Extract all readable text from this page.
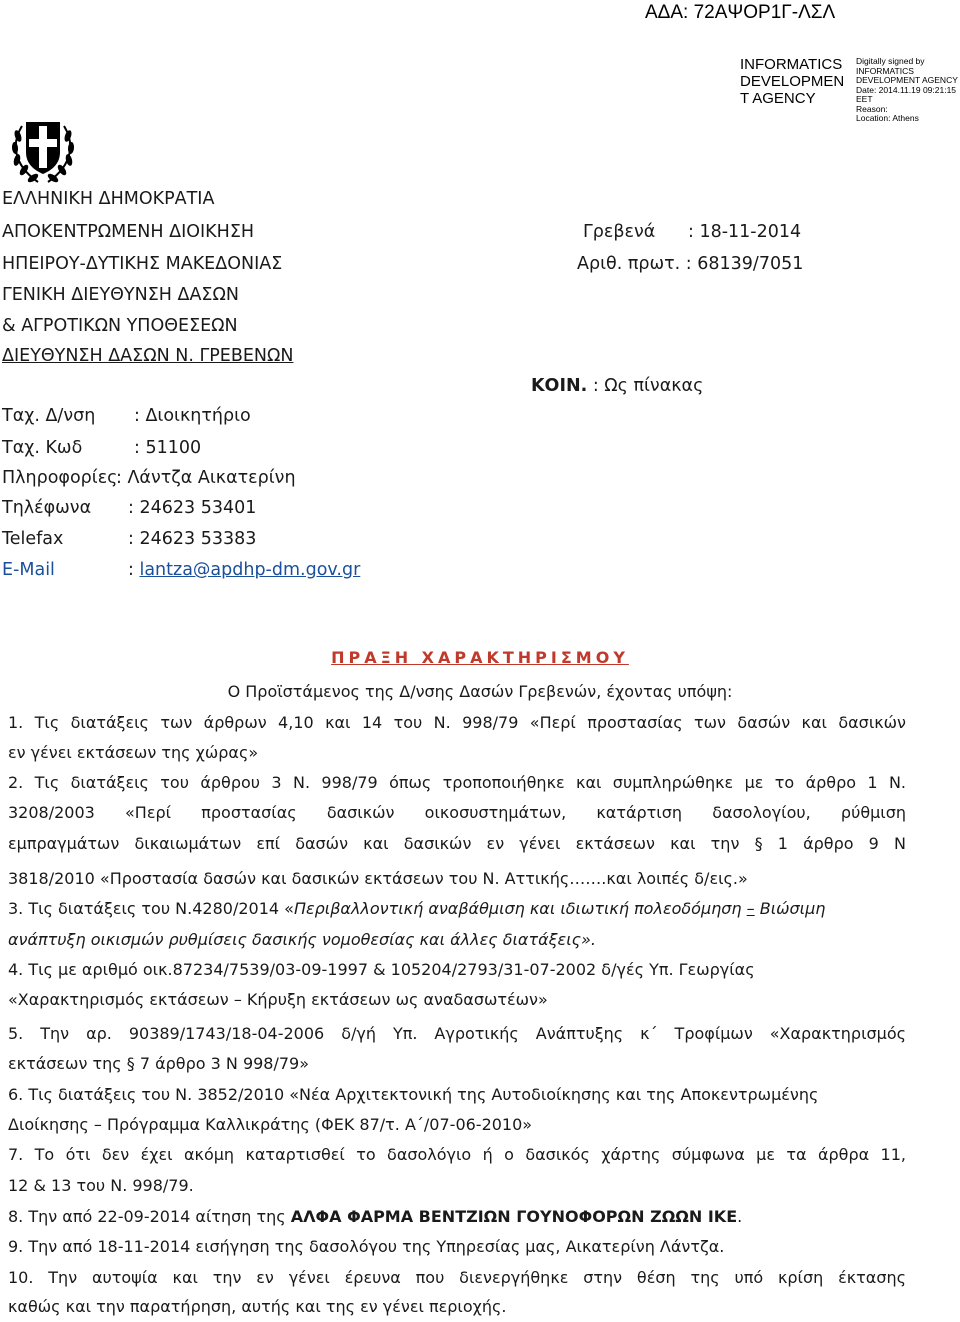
ΑΔΑ: 72ΑΨΟΡ1Γ-ΛΣΛ
INFORMATICS
DEVELOPMEN
T AGENCY
Digitally signed by
INFORMATICS
DEVELOPMENT AGENCY
Date: 2014.11.19 09:21:15
EET
Reason:
Location: Athens
ΕΛΛΗΝΙΚΗ ΔΗΜΟΚΡΑΤΙΑ
ΑΠΟΚΕΝΤΡΩΜΕΝΗ ΔΙΟΙΚΗΣΗ
ΗΠΕΙΡΟΥ-ΔΥΤΙΚΗΣ ΜΑΚΕΔΟΝΙΑΣ
ΓΕΝΙΚΗ ΔΙΕΥΘΥΝΣΗ ΔΑΣΩΝ
& ΑΓΡΟΤΙΚΩΝ ΥΠΟΘΕΣΕΩΝ
ΔΙΕΥΘΥΝΣΗ ΔΑΣΩΝ Ν. ΓΡΕΒΕΝΩΝ
Γρεβενά : 18-11-2014
Αριθ. πρωτ. : 68139/7051
ΚΟΙΝ. : Ως πίνακας
Ταχ. Δ/νση : Διοικητήριο
Ταχ. Κωδ	: 51100
Πληροφορίες
: Λάντζα Αικατερίνη
Τηλέφωνα : 24623 53401
Telefax	: 24623 53383
E-Mail	: lantza@apdhp-dm.gov.gr
ΠΡΑΞΗ ΧΑΡΑΚΤΗΡΙΣΜΟΥ
Ο Προϊστάμενος της Δ/νσης Δασών Γρεβενών, έχοντας υπόψη:
1. Τις διατάξεις των άρθρων 4,10 και 14 του Ν. 998/79 «Περί προστασίας των δασών και δασικών
εν γένει εκτάσεων της χώρας»
2. Τις διατάξεις του άρθρου 3 Ν. 998/79 όπως τροποποιήθηκε και συμπληρώθηκε με το άρθρο 1 Ν.
3208/2003 «Περί προστασίας δασικών οικοσυστημάτων, κατάρτιση δασολογίου, ρύθμιση
εμπραγμάτων δικαιωμάτων επί δασών και δασικών εν γένει εκτάσεων και την § 1 άρθρο 9 Ν
3818/2010 «Προστασία δασών και δασικών εκτάσεων του Ν. Αττικής…….και λοιπές δ/εις.»
3. Τις διατάξεις του Ν.4280/2014 «Περιβαλλοντική αναβάθμιση και ιδιωτική πολεοδόμηση – Βιώσιμη
ανάπτυξη οικισμών ρυθμίσεις δασικής νομοθεσίας και άλλες διατάξεις».
4. Τις με αριθμό οικ.87234/7539/03-09-1997 & 105204/2793/31-07-2002 δ/γές Υπ. Γεωργίας
«Χαρακτηρισμός εκτάσεων – Κήρυξη εκτάσεων ως αναδασωτέων»
5. Την αρ. 90389/1743/18-04-2006 δ/γή Υπ. Αγροτικής Ανάπτυξης κ΄ Τροφίμων «Χαρακτηρισμός
εκτάσεων της § 7 άρθρο 3 Ν 998/79»
6. Τις διατάξεις του Ν. 3852/2010 «Νέα Αρχιτεκτονική της Αυτοδιοίκησης και της Αποκεντρωμένης
Διοίκησης – Πρόγραμμα Καλλικράτης (ΦΕΚ 87/τ. Α΄/07-06-2010»
7. Το ότι δεν έχει ακόμη καταρτισθεί το δασολόγιο ή ο δασικός χάρτης σύμφωνα με τα άρθρα 11,
12 & 13 του Ν. 998/79.
8. Την από 22-09-2014 αίτηση της ΑΛΦΑ ΦΑΡΜΑ ΒΕΝΤΖΙΩΝ ΓΟΥΝΟΦΟΡΩΝ ΖΩΩΝ ΙΚΕ.
9. Την από 18-11-2014 εισήγηση της δασολόγου της Υπηρεσίας μας, Αικατερίνη Λάντζα.
10. Την αυτοψία και την εν γένει έρευνα που διενεργήθηκε στην θέση της υπό κρίση έκτασης
καθώς και την παρατήρηση, αυτής και της εν γένει περιοχής.
